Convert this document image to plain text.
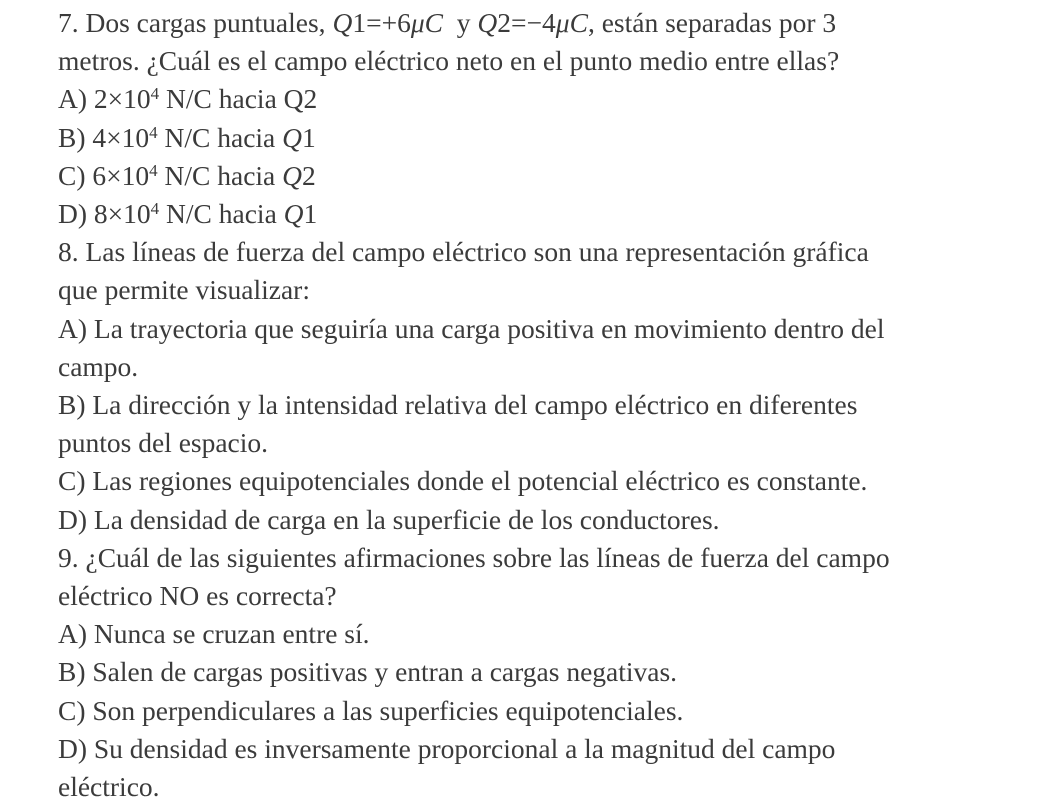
7. Dos cargas puntuales, Q1=+6μC  y Q2=−4μC, están separadas por 3
metros. ¿Cuál es el campo eléctrico neto en el punto medio entre ellas?
A) $2\times 10^4$ N/C hacia Q2
B) $4\times 10^4$ N/C hacia Q1
C) $6\times 10^4$ N/C hacia Q2
D) $8\times 10^4$ N/C hacia Q1
8. Las líneas de fuerza del campo eléctrico son una representación gráfica
que permite visualizar:
A) La trayectoria que seguiría una carga positiva en movimiento dentro del
campo.
B) La dirección y la intensidad relativa del campo eléctrico en diferentes
puntos del espacio.
C) Las regiones equipotenciales donde el potencial eléctrico es constante.
D) La densidad de carga en la superficie de los conductores.
9. ¿Cuál de las siguientes afirmaciones sobre las líneas de fuerza del campo
eléctrico NO es correcta?
A) Nunca se cruzan entre sí.
B) Salen de cargas positivas y entran a cargas negativas.
C) Son perpendiculares a las superficies equipotenciales.
D) Su densidad es inversamente proporcional a la magnitud del campo
eléctrico.
